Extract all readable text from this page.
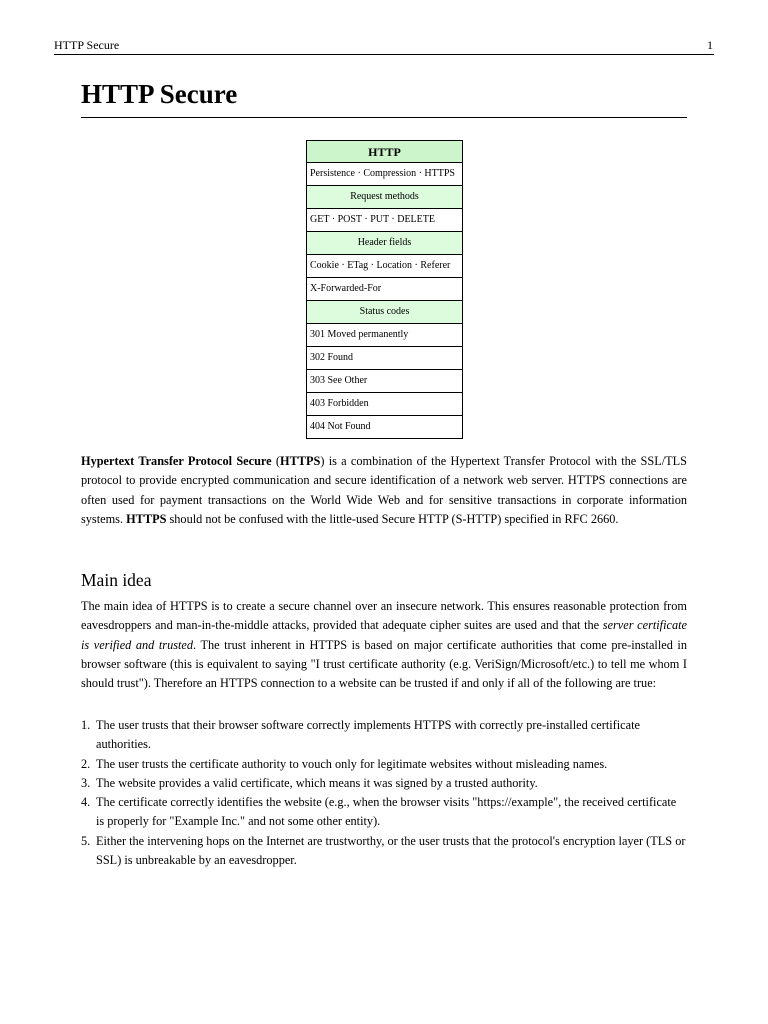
HTTP Secure	1
HTTP Secure
HTTP
Persistence · Compression · HTTPS
Request methods
GET · POST · PUT · DELETE
Header fields
Cookie · ETag · Location · Referer
X-Forwarded-For
Status codes
301 Moved permanently
302 Found
303 See Other
403 Forbidden
404 Not Found

Hypertext Transfer Protocol Secure (HTTPS) is a combination of the Hypertext Transfer Protocol with the SSL/TLS protocol to provide encrypted communication and secure identification of a network web server. HTTPS connections are often used for payment transactions on the World Wide Web and for sensitive transactions in corporate information systems. HTTPS should not be confused with the little-used Secure HTTP (S-HTTP) specified in RFC 2660.

Main idea

The main idea of HTTPS is to create a secure channel over an insecure network. This ensures reasonable protection from eavesdroppers and man-in-the-middle attacks, provided that adequate cipher suites are used and that the server certificate is verified and trusted. The trust inherent in HTTPS is based on major certificate authorities that come pre-installed in browser software (this is equivalent to saying "I trust certificate authority (e.g. VeriSign/Microsoft/etc.) to tell me whom I should trust"). Therefore an HTTPS connection to a website can be trusted if and only if all of the following are true:

1. The user trusts that their browser software correctly implements HTTPS with correctly pre-installed certificate authorities.
2. The user trusts the certificate authority to vouch only for legitimate websites without misleading names.
3. The website provides a valid certificate, which means it was signed by a trusted authority.
4. The certificate correctly identifies the website (e.g., when the browser visits "https://example", the received certificate is properly for "Example Inc." and not some other entity).
5. Either the intervening hops on the Internet are trustworthy, or the user trusts that the protocol's encryption layer (TLS or SSL) is unbreakable by an eavesdropper.
